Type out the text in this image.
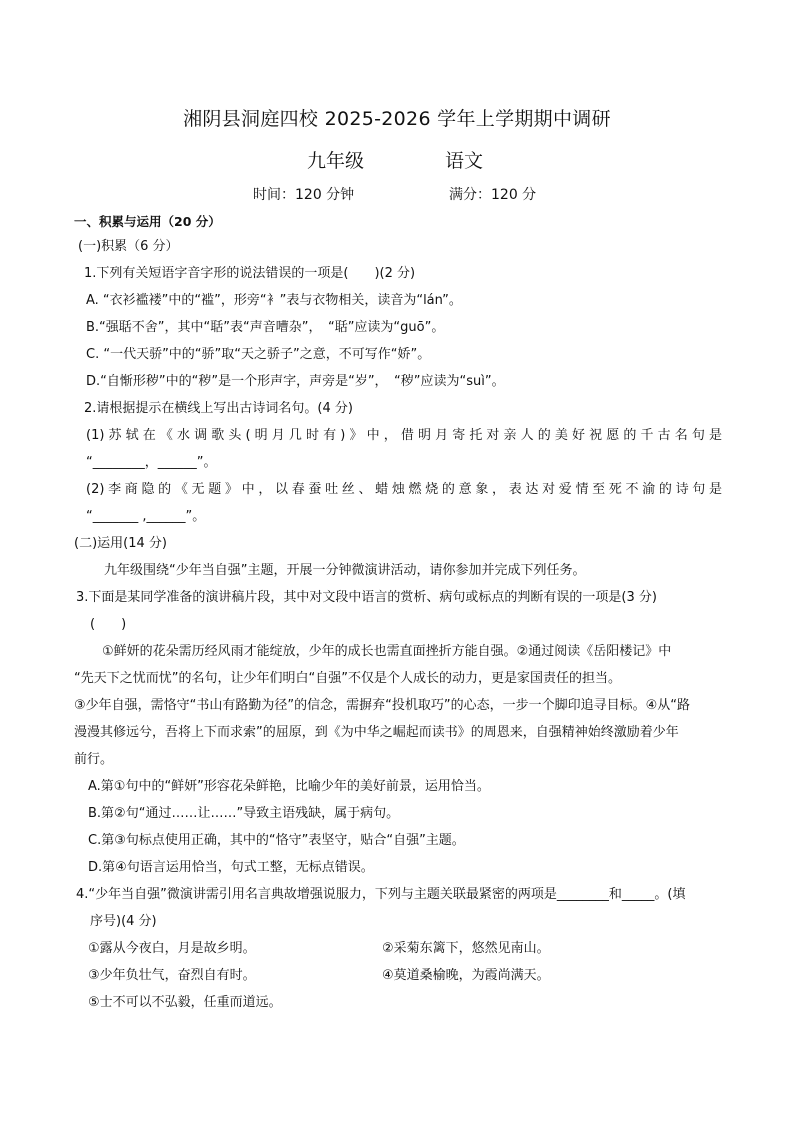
湘阴县洞庭四校 2025-2026 学年上学期期中调研
九年级	语文
时间：120 分钟	满分：120 分
一、积累与运用（20 分）
(一)积累（6 分）
1.下列有关短语字音字形的说法错误的一项是(　　)(2 分)
A. “衣衫褴褛”中的“褴”，形旁“衤”表与衣物相关，读音为“lán”。
B.“强聒不舍”，其中“聒”表“声音嘈杂”，　“聒”应读为“guō”。
C. “一代天骄”中的“骄”取“天之骄子”之意，不可写作“娇”。
D.“自惭形秽”中的“秽”是一个形声字，声旁是“岁”，　“秽”应读为“suì”。
2.请根据提示在横线上写出古诗词名句。(4 分)
(1)苏轼在《水调歌头(明月几时有)》中，借明月寄托对亲人的美好祝愿的千古名句是
“________，______”。
(2)李商隐的《无题》中，以春蚕吐丝、蜡烛燃烧的意象，表达对爱情至死不渝的诗句是
“_______ ,______”。
(二)运用(14 分)
九年级围绕“少年当自强”主题，开展一分钟微演讲活动，请你参加并完成下列任务。
3.下面是某同学准备的演讲稿片段，其中对文段中语言的赏析、病句或标点的判断有误的一项是(3 分)
(　　)
①鲜妍的花朵需历经风雨才能绽放，少年的成长也需直面挫折方能自强。②通过阅读《岳阳楼记》中
“先天下之忧而忧”的名句，让少年们明白“自强”不仅是个人成长的动力，更是家国责任的担当。
③少年自强，需恪守“书山有路勤为径”的信念，需摒弃“投机取巧”的心态，一步一个脚印追寻目标。④从“路
漫漫其修远兮，吾将上下而求索”的屈原，到《为中华之崛起而读书》的周恩来，自强精神始终激励着少年
前行。
A.第①句中的“鲜妍”形容花朵鲜艳，比喻少年的美好前景，运用恰当。
B.第②句“通过……让……”导致主语残缺，属于病句。
C.第③句标点使用正确，其中的“恪守”表坚守，贴合“自强”主题。
D.第④句语言运用恰当，句式工整，无标点错误。
4.“少年当自强”微演讲需引用名言典故增强说服力，下列与主题关联最紧密的两项是________和_____。(填
序号)(4 分)
①露从今夜白，月是故乡明。	②采菊东篱下，悠然见南山。
③少年负壮气，奋烈自有时。	④莫道桑榆晚，为霞尚满天。
⑤士不可以不弘毅，任重而道远。
